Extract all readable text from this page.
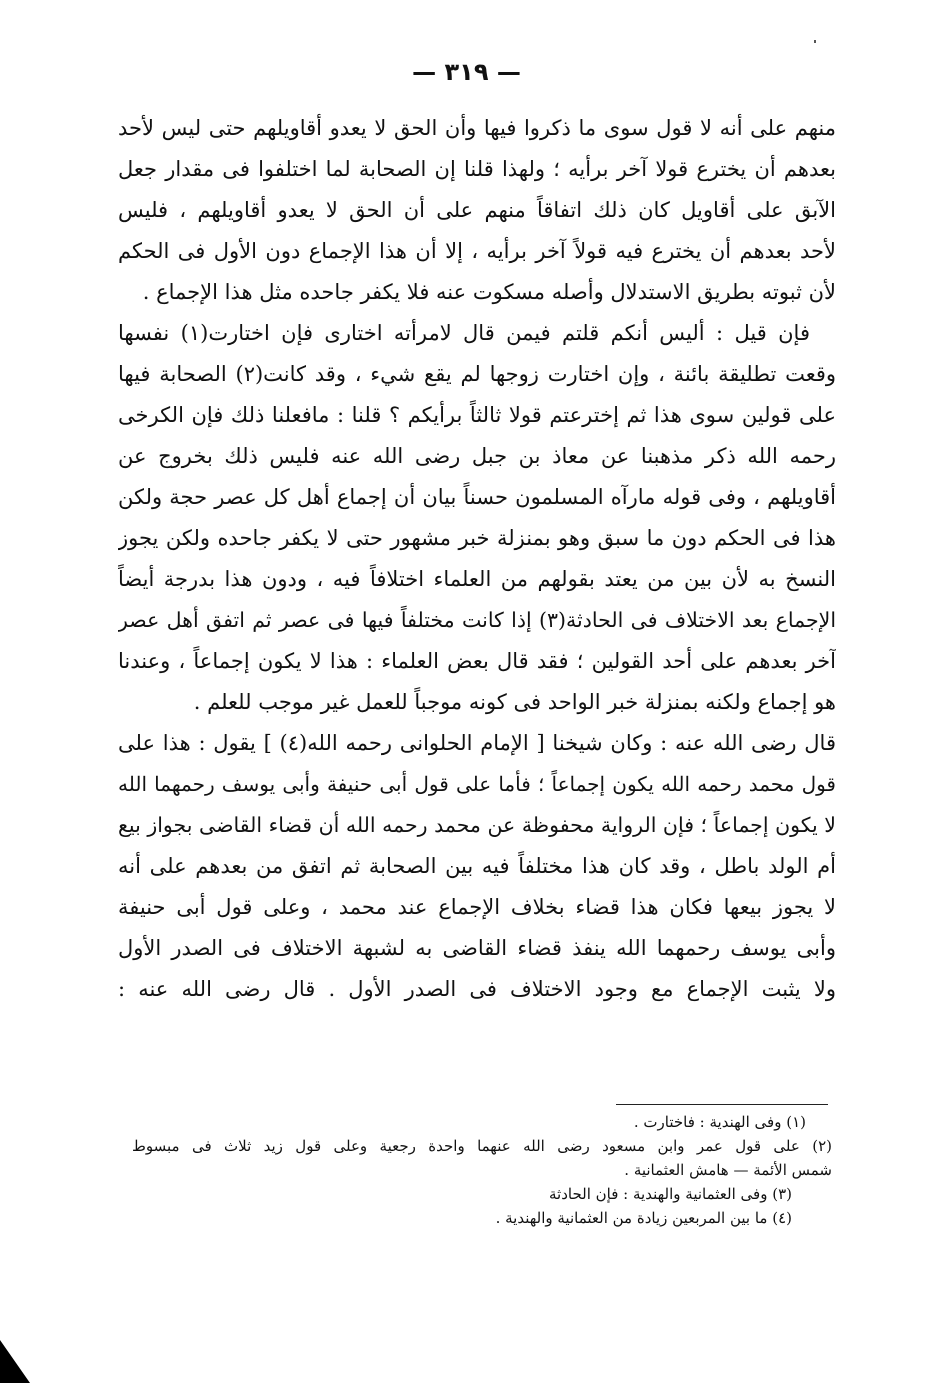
— ٣١٩ —
منهم على أنه لا قول سوى ما ذكروا فيها وأن الحق لا يعدو أقاويلهم حتى ليس لأحد
بعدهم أن يخترع قولا آخر برأيه ؛ ولهذا قلنا إن الصحابة لما اختلفوا فى مقدار جعل
الآبق على أقاويل كان ذلك اتفاقاً منهم على أن الحق لا يعدو أقاويلهم ، فليس
لأحد بعدهم أن يخترع فيه قولاً آخر برأيه ، إلا أن هذا الإجماع دون الأول فى الحكم
لأن ثبوته بطريق الاستدلال وأصله مسكوت عنه فلا يكفر جاحده مثل هذا الإجماع .
فإن قيل : أليس أنكم قلتم فيمن قال لامرأته اختارى فإن اختارت(١) نفسها
وقعت تطليقة بائنة ، وإن اختارت زوجها لم يقع شيء ، وقد كانت(٢) الصحابة فيها
على قولين سوى هذا ثم إخترعتم قولا ثالثاً برأيكم ؟ قلنا : مافعلنا ذلك فإن الكرخى
رحمه الله ذكر مذهبنا عن معاذ بن جبل رضى الله عنه فليس ذلك بخروج عن
أقاويلهم ، وفى قوله مارآه المسلمون حسناً بيان أن إجماع أهل كل عصر حجة ولكن
هذا فى الحكم دون ما سبق وهو بمنزلة خبر مشهور حتى لا يكفر جاحده ولكن يجوز
النسخ به لأن بين من يعتد بقولهم من العلماء اختلافاً فيه ، ودون هذا بدرجة أيضاً
الإجماع بعد الاختلاف فى الحادثة(٣) إذا كانت مختلفاً فيها فى عصر ثم اتفق أهل عصر
آخر بعدهم على أحد القولين ؛ فقد قال بعض العلماء : هذا لا يكون إجماعاً ، وعندنا
هو إجماع ولكنه بمنزلة خبر الواحد فى كونه موجباً للعمل غير موجب للعلم .
قال رضى الله عنه : وكان شيخنا [ الإمام الحلوانى رحمه الله(٤) ] يقول : هذا على
قول محمد رحمه الله يكون إجماعاً ؛ فأما على قول أبى حنيفة وأبى يوسف رحمهما الله
لا يكون إجماعاً ؛ فإن الرواية محفوظة عن محمد رحمه الله أن قضاء القاضى بجواز بيع
أم الولد باطل ، وقد كان هذا مختلفاً فيه بين الصحابة ثم اتفق من بعدهم على أنه
لا يجوز بيعها فكان هذا قضاء بخلاف الإجماع عند محمد ، وعلى قول أبى حنيفة
وأبى يوسف رحمهما الله ينفذ قضاء القاضى به لشبهة الاختلاف فى الصدر الأول
ولا يثبت الإجماع مع وجود الاختلاف فى الصدر الأول . قال رضى الله عنه :
(١) وفى الهندية : فاختارت .
(٢) على قول عمر وابن مسعود رضى الله عنهما واحدة رجعية وعلى قول زيد ثلاث فى مبسوط
شمس الأئمة — هامش العثمانية .
(٣) وفى العثمانية والهندية : فإن الحادثة
(٤) ما بين المربعين زيادة من العثمانية والهندية .
